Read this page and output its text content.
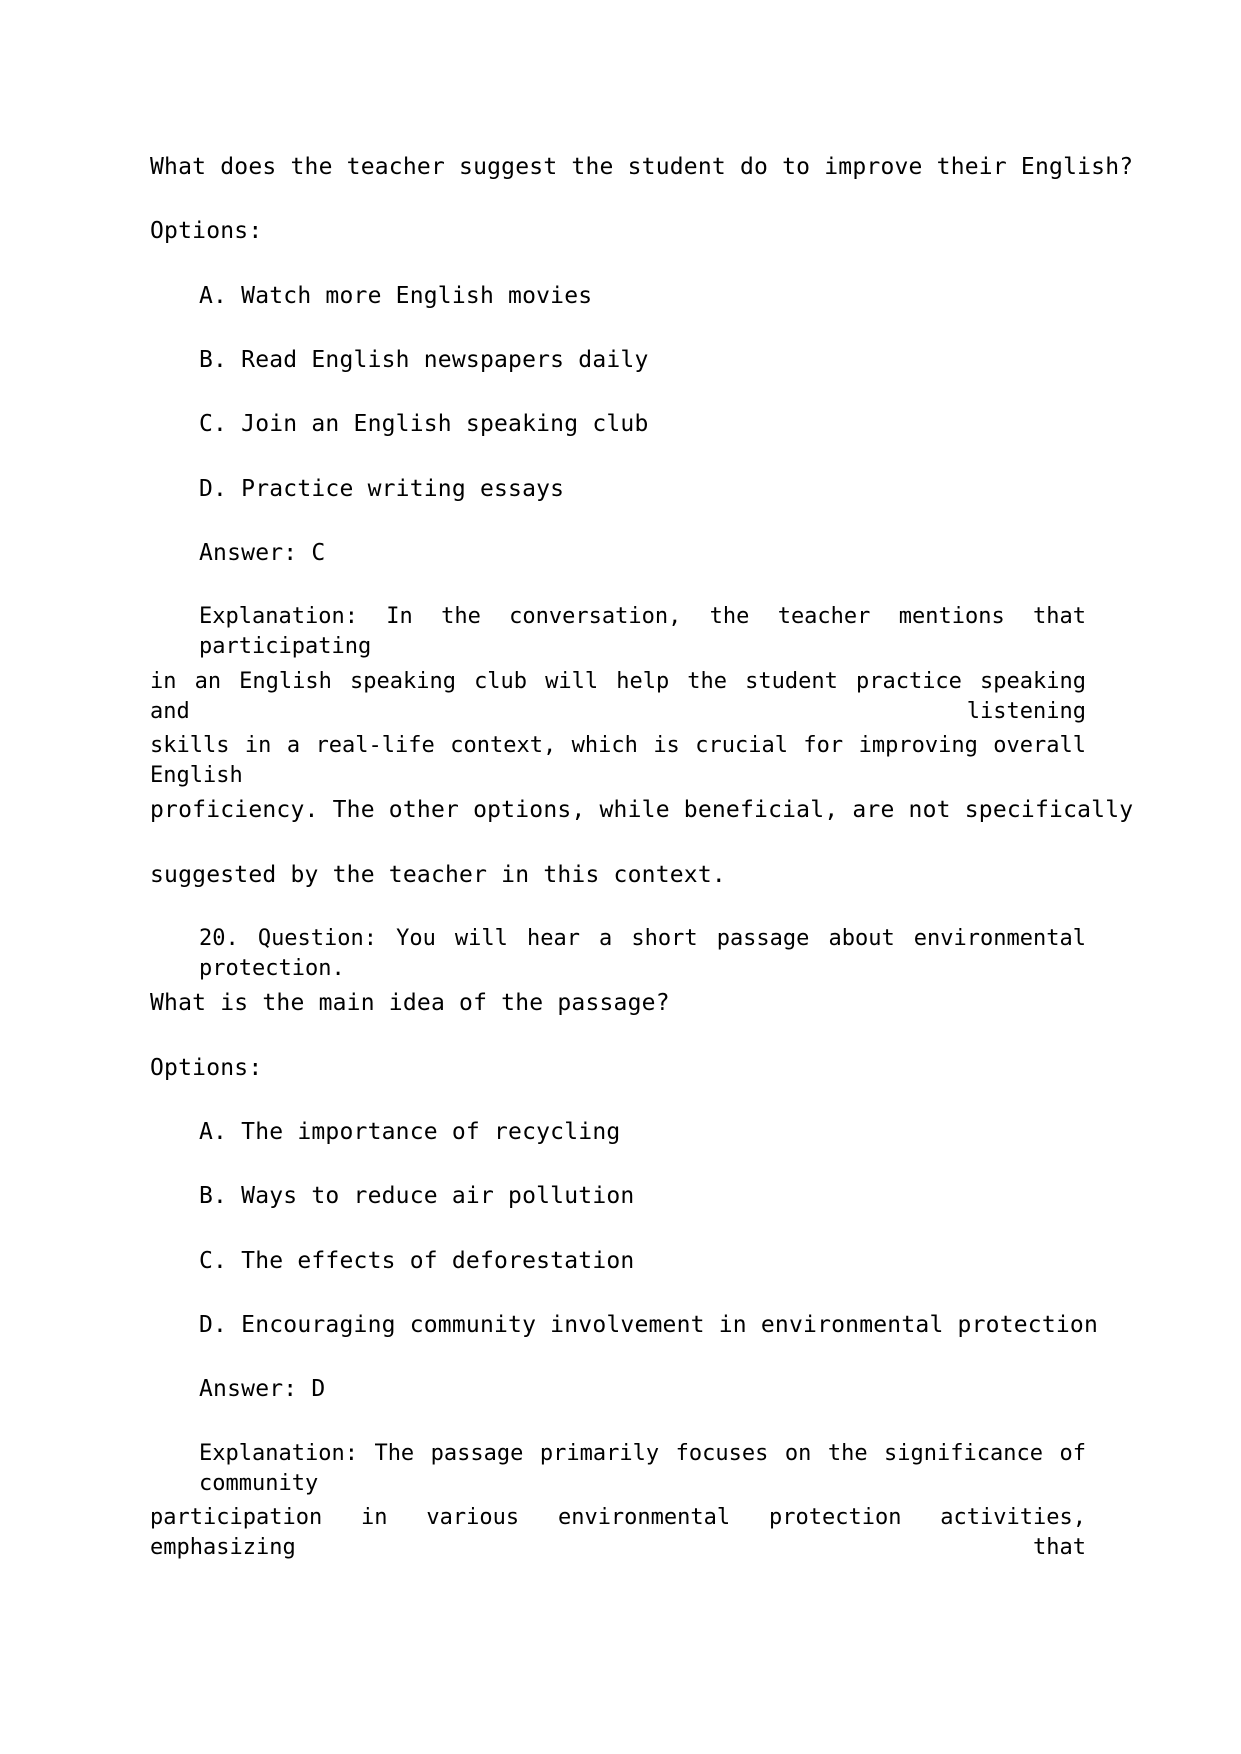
What does the teacher suggest the student do to improve their English?
Options:
A. Watch more English movies
B. Read English newspapers daily
C. Join an English speaking club
D. Practice writing essays
Answer: C
Explanation: In the conversation, the teacher mentions that participating
in an English speaking club will help the student practice speaking and listening
skills in a real-life context, which is crucial for improving overall English
proficiency. The other options, while beneficial, are not specifically
suggested by the teacher in this context.
20. Question: You will hear a short passage about environmental protection.
What is the main idea of the passage?
Options:
A. The importance of recycling
B. Ways to reduce air pollution
C. The effects of deforestation
D. Encouraging community involvement in environmental protection
Answer: D
Explanation: The passage primarily focuses on the significance of community
participation in various environmental protection activities, emphasizing that
